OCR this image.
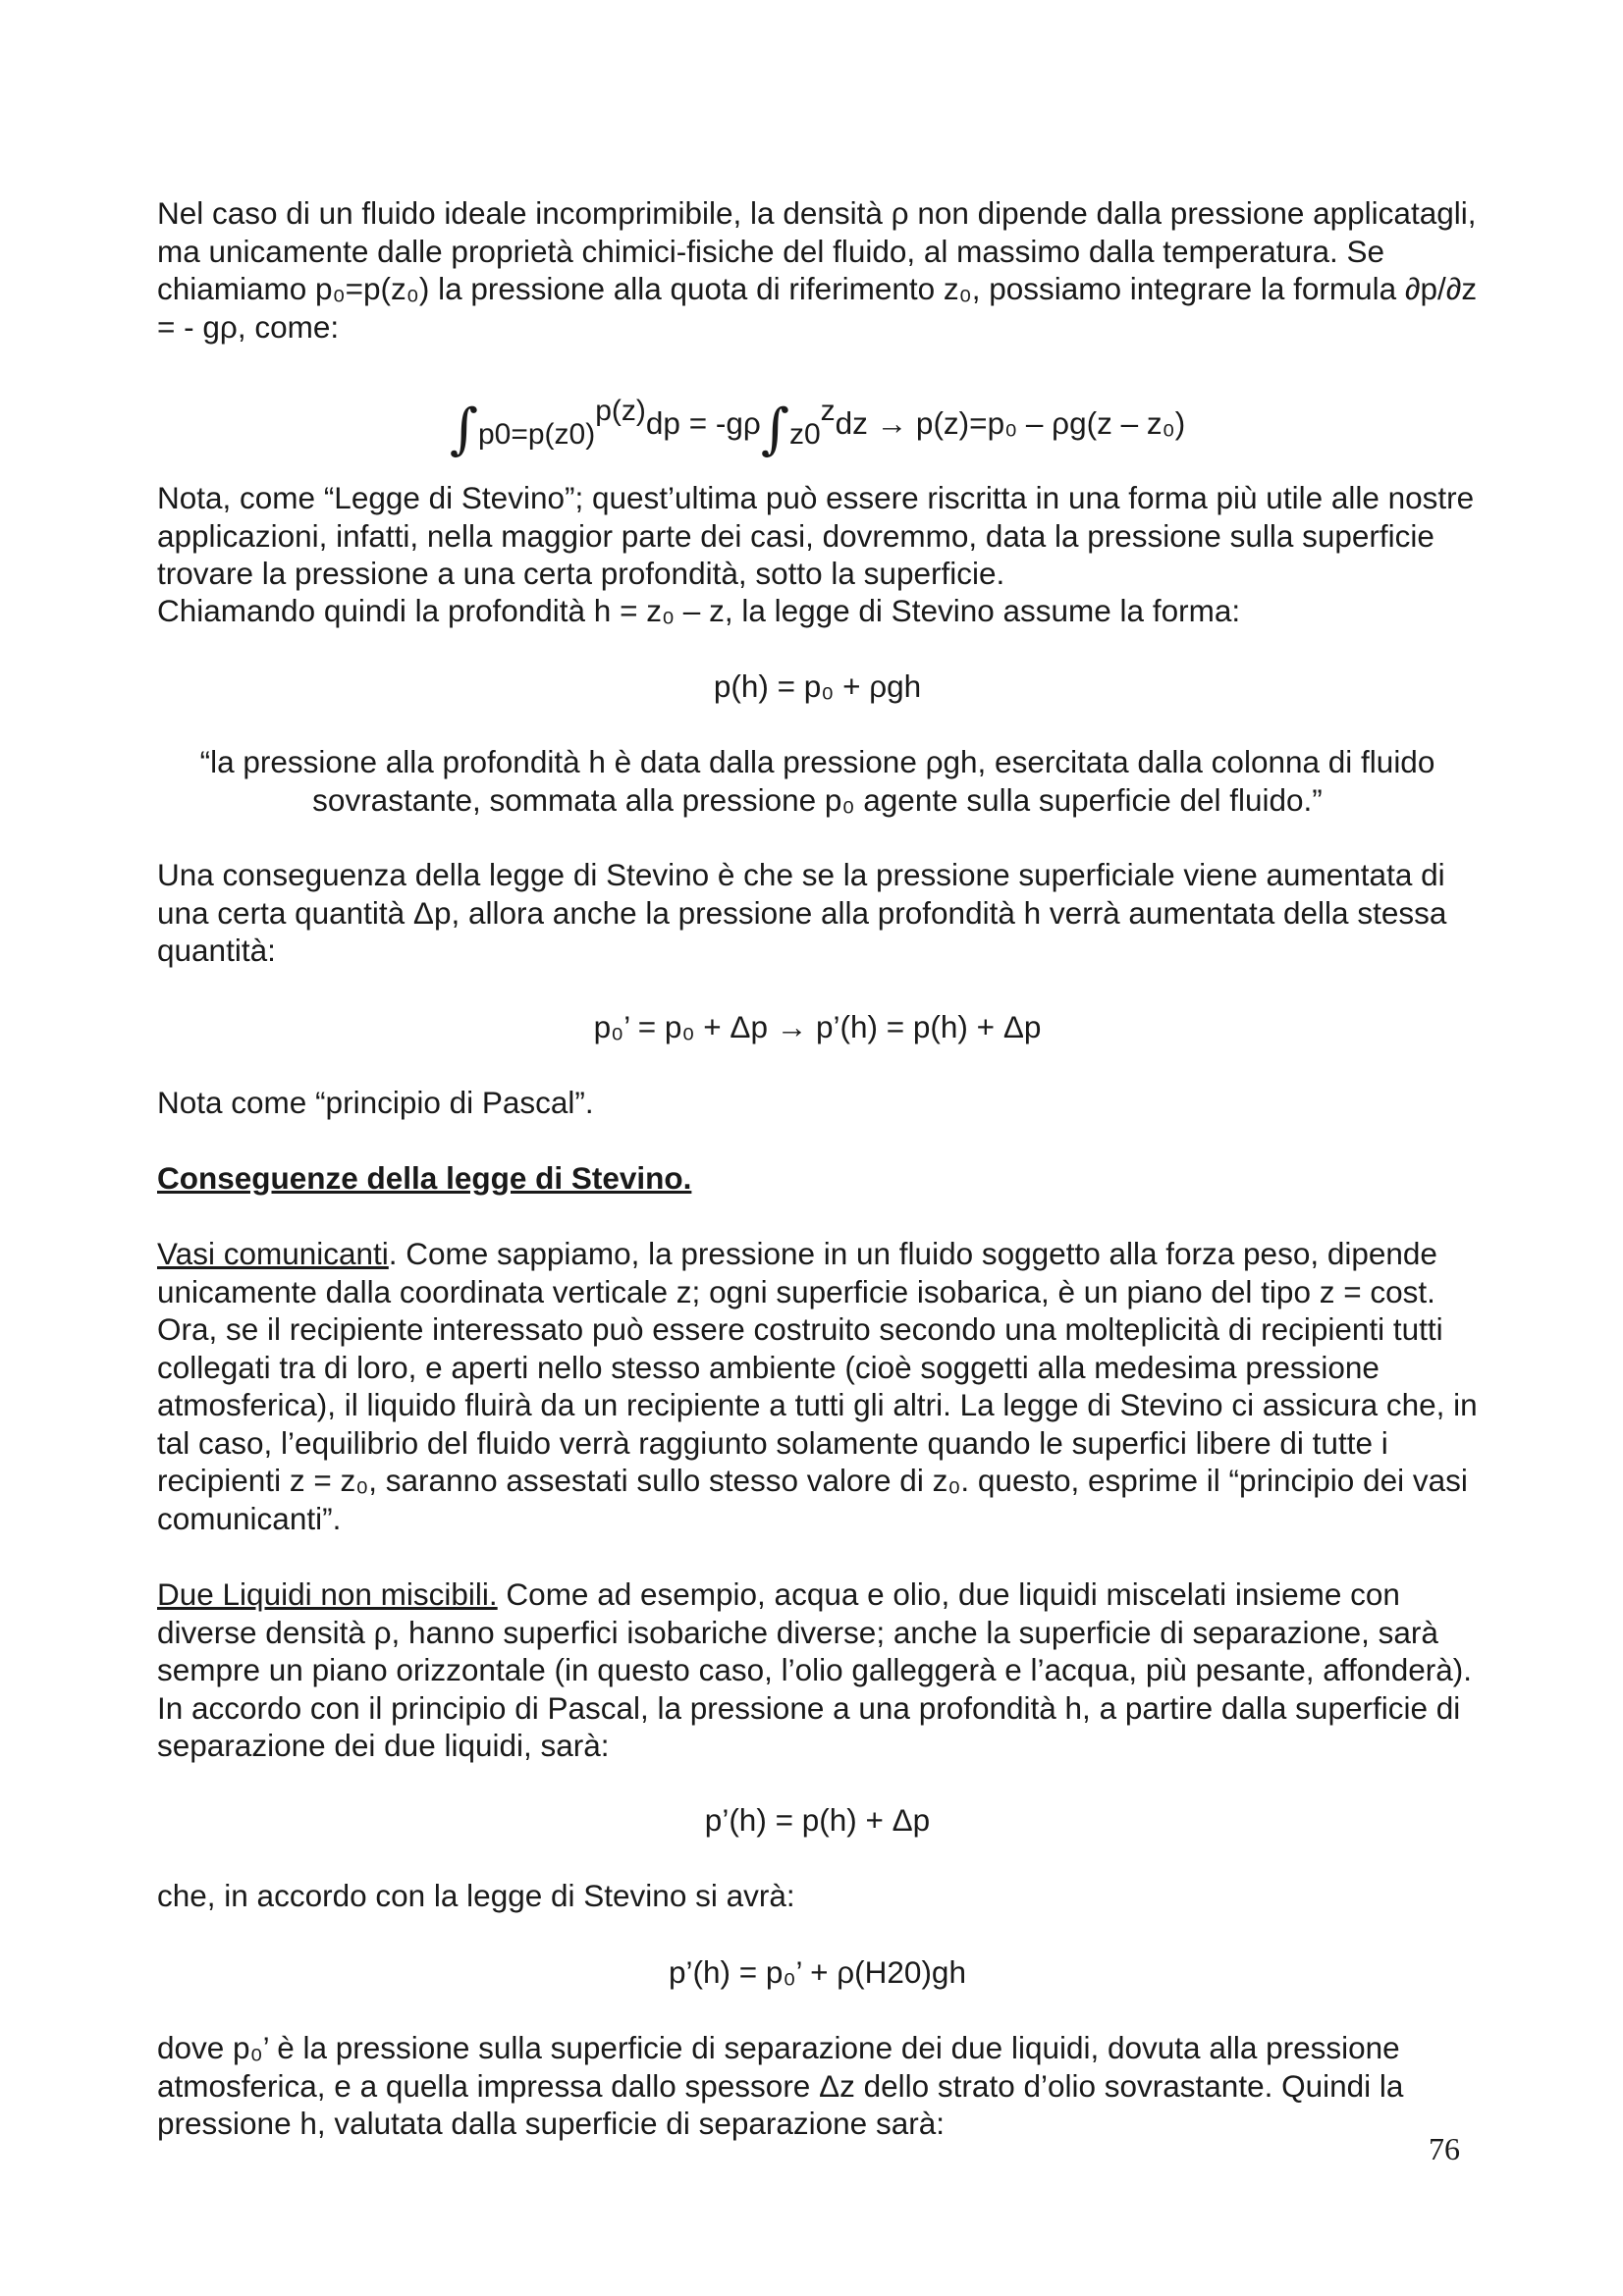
Nel caso di un fluido ideale incomprimibile, la densità ρ non dipende dalla pressione applicatagli, ma unicamente dalle proprietà chimici-fisiche del fluido, al massimo dalla temperatura. Se chiamiamo p₀=p(z₀) la pressione alla quota di riferimento z₀, possiamo integrare la formula ∂p/∂z = - gρ, come:

∫p0=p(z0)p(z)dp = -gρ∫z0zdz → p(z)=p₀ – ρg(z – z₀)

Nota, come “Legge di Stevino”; quest’ultima può essere riscritta in una forma più utile alle nostre applicazioni, infatti, nella maggior parte dei casi, dovremmo, data la pressione sulla superficie trovare la pressione a una certa profondità, sotto la superficie.

Chiamando quindi la profondità h = z₀ – z, la legge di Stevino assume la forma:

p(h) = p₀ + ρgh

“la pressione alla profondità h è data dalla pressione ρgh, esercitata dalla colonna di fluido sovrastante, sommata alla pressione p₀ agente sulla superficie del fluido.”

Una conseguenza della legge di Stevino è che se la pressione superficiale viene aumentata di una certa quantità Δp, allora anche la pressione alla profondità h verrà aumentata della stessa quantità:

p₀’ = p₀ + Δp → p’(h) = p(h) + Δp

Nota come “principio di Pascal”.

Conseguenze della legge di Stevino.

Vasi comunicanti. Come sappiamo, la pressione in un fluido soggetto alla forza peso, dipende unicamente dalla coordinata verticale z; ogni superficie isobarica, è un piano del tipo z = cost. Ora, se il recipiente interessato può essere costruito secondo una molteplicità di recipienti tutti collegati tra di loro, e aperti nello stesso ambiente (cioè soggetti alla medesima pressione atmosferica), il liquido fluirà da un recipiente a tutti gli altri. La legge di Stevino ci assicura che, in tal caso, l’equilibrio del fluido verrà raggiunto solamente quando le superfici libere di tutte i recipienti z = z₀, saranno assestati sullo stesso valore di z₀. questo, esprime il “principio dei vasi comunicanti”.

Due Liquidi non miscibili. Come ad esempio, acqua e olio, due liquidi miscelati insieme con diverse densità ρ, hanno superfici isobariche diverse; anche la superficie di separazione, sarà sempre un piano orizzontale (in questo caso, l’olio galleggerà e l’acqua, più pesante, affonderà). In accordo con il principio di Pascal, la pressione a una profondità h, a partire dalla superficie di separazione dei due liquidi, sarà:

p’(h) = p(h) + Δp

che, in accordo con la legge di Stevino si avrà:

p’(h) = p₀’ + ρ(H20)gh

dove p₀’ è la pressione sulla superficie di separazione dei due liquidi, dovuta alla pressione atmosferica, e a quella impressa dallo spessore Δz dello strato d’olio sovrastante. Quindi la pressione h, valutata dalla superficie di separazione sarà:

76
